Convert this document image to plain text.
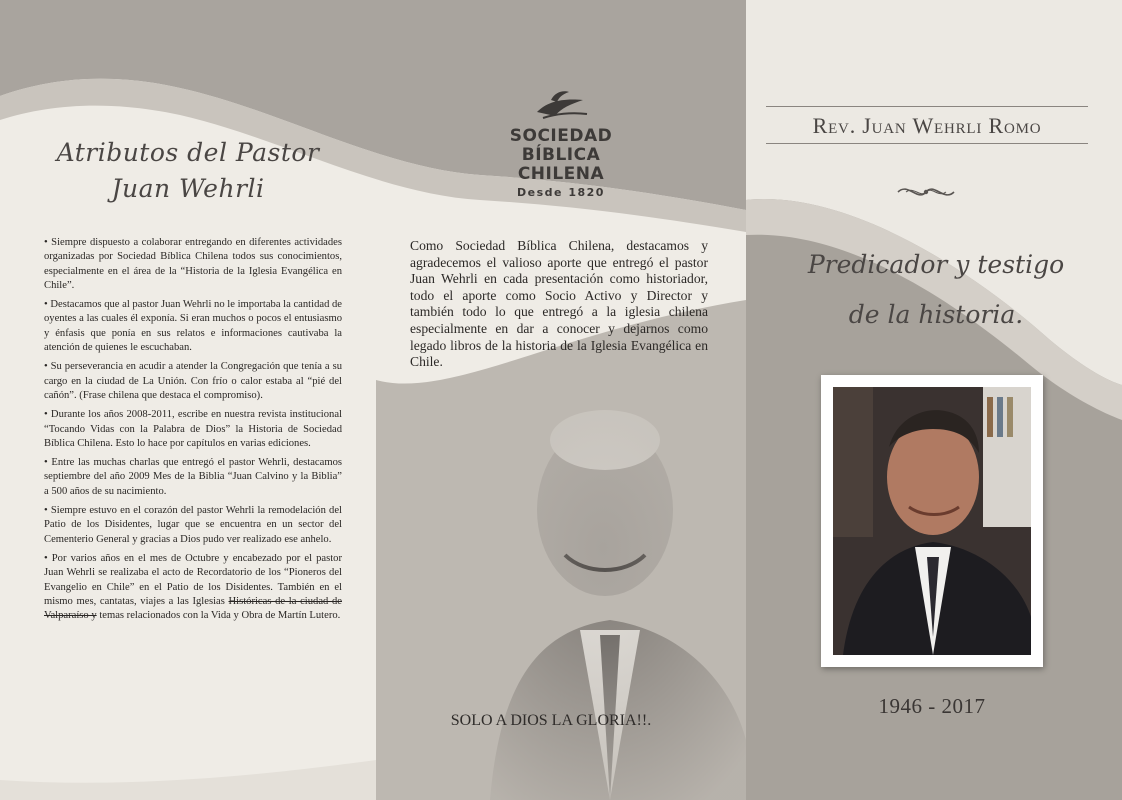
Atributos del Pastor
Juan Wehrli

• Siempre dispuesto a colaborar entregando en diferentes actividades organizadas por Sociedad Bíblica Chilena todos sus conocimientos, especialmente en el área de la “Historia de la Iglesia Evangélica en Chile”.

• Destacamos que al pastor Juan Wehrli no le importaba la cantidad de oyentes a las cuales él exponía. Si eran muchos o pocos el entusiasmo y énfasis que ponía en sus relatos e informaciones cautivaba la atención de quienes le escuchaban.

• Su perseverancia en acudir a atender la Congregación que tenía a su cargo en la ciudad de La Unión. Con frío o calor estaba al “pié del cañón”. (Frase chilena que destaca el compromiso).

• Durante los años 2008-2011, escribe en nuestra revista institucional “Tocando Vidas con la Palabra de Dios” la Historia de Sociedad Bíblica Chilena. Esto lo hace por capítulos en varias ediciones.

• Entre las muchas charlas que entregó el pastor Wehrli, destacamos septiembre del año 2009 Mes de la Biblia “Juan Calvino y la Biblia” a 500 años de su nacimiento.

• Siempre estuvo en el corazón del pastor Wehrli la remodelación del Patio de los Disidentes, lugar que se encuentra en un sector del Cementerio General y gracias a Dios pudo ver realizado ese anhelo.

• Por varios años en el mes de Octubre y encabezado por el pastor Juan Wehrli se realizaba el acto de Recordatorio de los “Pioneros del Evangelio en Chile” en el Patio de los Disidentes. También en el mismo mes, cantatas, viajes a las Iglesias Históricas de la ciudad de Valparaíso y temas relacionados con la Vida y Obra de Martín Lutero.

SOCIEDAD
BÍBLICA
CHILENA
Desde 1820
Como Sociedad Bíblica Chilena, destacamos y agradecemos el valioso aporte que entregó el pastor Juan Wehrli en cada presentación como historiador, todo el aporte como Socio Activo y Director y también todo lo que entregó a la iglesia chilena especialmente en dar a conocer y dejarnos como legado libros de la historia de la Iglesia Evangélica en Chile.
SOLO A DIOS LA GLORIA!!.
Rev. Juan Wehrli Romo
Predicador y testigo
de la historia.
1946 - 2017
